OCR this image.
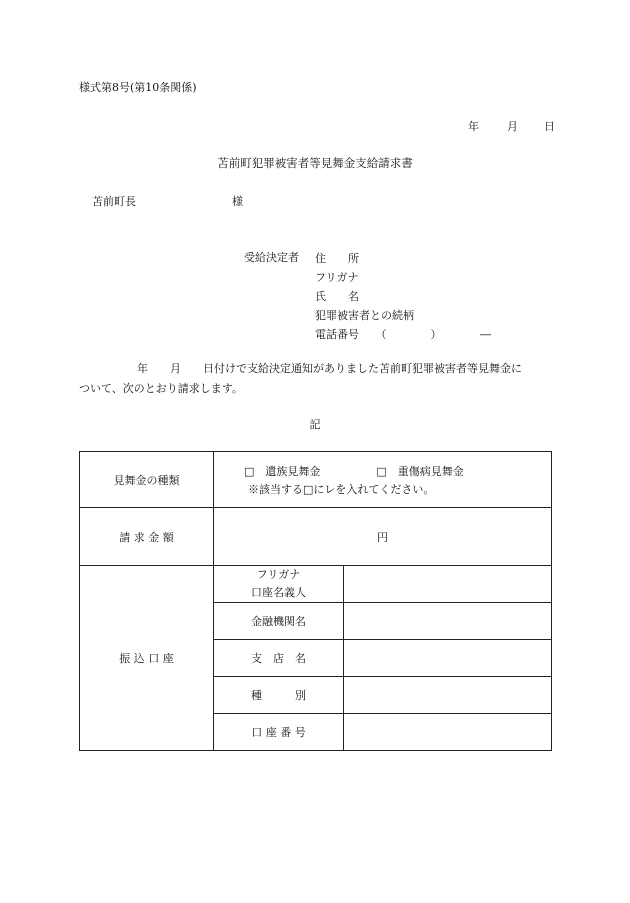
様式第8号(第10条関係)
年	月 日
苫前町犯罪被害者等見舞金支給請求書
苫前町長	様
受給決定者 住　　所
フリガナ
氏　　名
犯罪被害者との続柄
電話番号　　（　　　　）　　　　―
年　　月　　日付けで支給決定通知がありました苫前町犯罪被害者等見舞金に
ついて、次のとおり請求します。
記
見舞金の種類	□　遺族見舞金 □　重傷病見舞金
※該当する□にレを入れてください。	

請 求 金 額	円	
振 込 口 座	フリガナ
口座名義人	

	金融機関名	
	支　店　名	
	種　　　別	
	口 座 番 号	
